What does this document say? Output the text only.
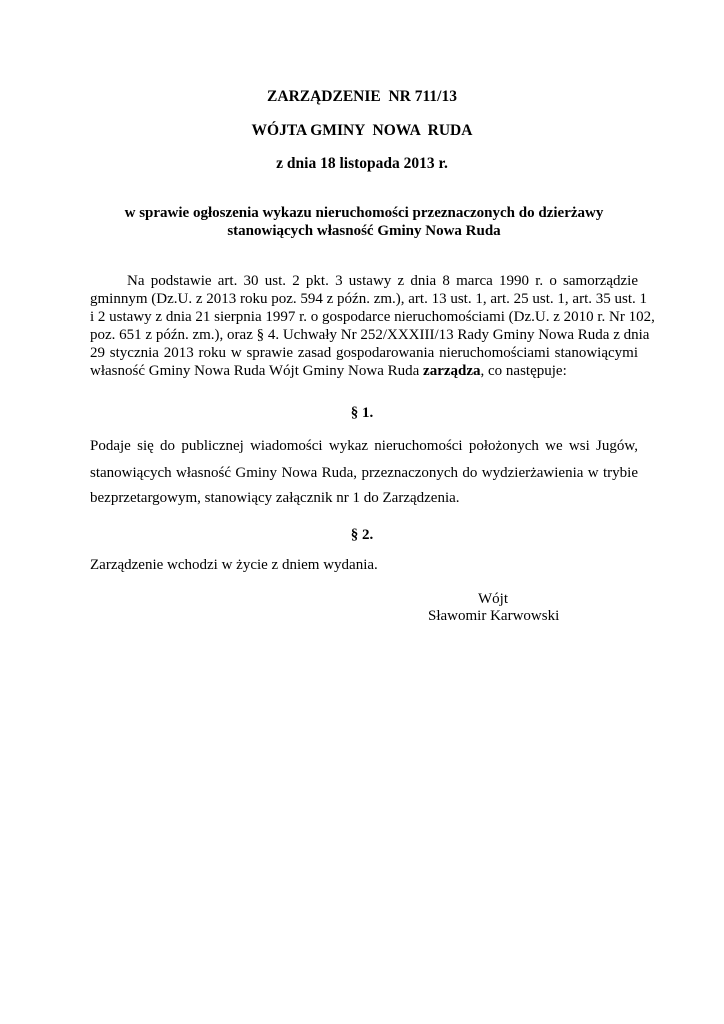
ZARZĄDZENIE  NR 711/13
WÓJTA GMINY  NOWA  RUDA
z dnia 18 listopada 2013 r.
w sprawie ogłoszenia wykazu nieruchomości przeznaczonych do dzierżawy
stanowiących własność Gminy Nowa Ruda
Na podstawie art. 30 ust. 2 pkt. 3 ustawy z dnia 8 marca 1990 r. o samorządzie
gminnym (Dz.U. z 2013 roku poz. 594 z późn. zm.), art. 13 ust. 1, art. 25 ust. 1, art. 35 ust. 1
i 2 ustawy z dnia 21 sierpnia 1997 r. o gospodarce nieruchomościami (Dz.U. z 2010 r. Nr 102,
poz. 651 z późn. zm.), oraz § 4. Uchwały Nr 252/XXXIII/13 Rady Gminy Nowa Ruda z dnia
29 stycznia 2013 roku w sprawie zasad gospodarowania nieruchomościami stanowiącymi
własność Gminy Nowa Ruda Wójt Gminy Nowa Ruda zarządza, co następuje:
§ 1.
Podaje się do publicznej wiadomości wykaz nieruchomości położonych we wsi Jugów,
stanowiących własność Gminy Nowa Ruda, przeznaczonych do wydzierżawienia w trybie
bezprzetargowym, stanowiący załącznik nr 1 do Zarządzenia.
§ 2.
Zarządzenie wchodzi w życie z dniem wydania.
Wójt
Sławomir Karwowski
